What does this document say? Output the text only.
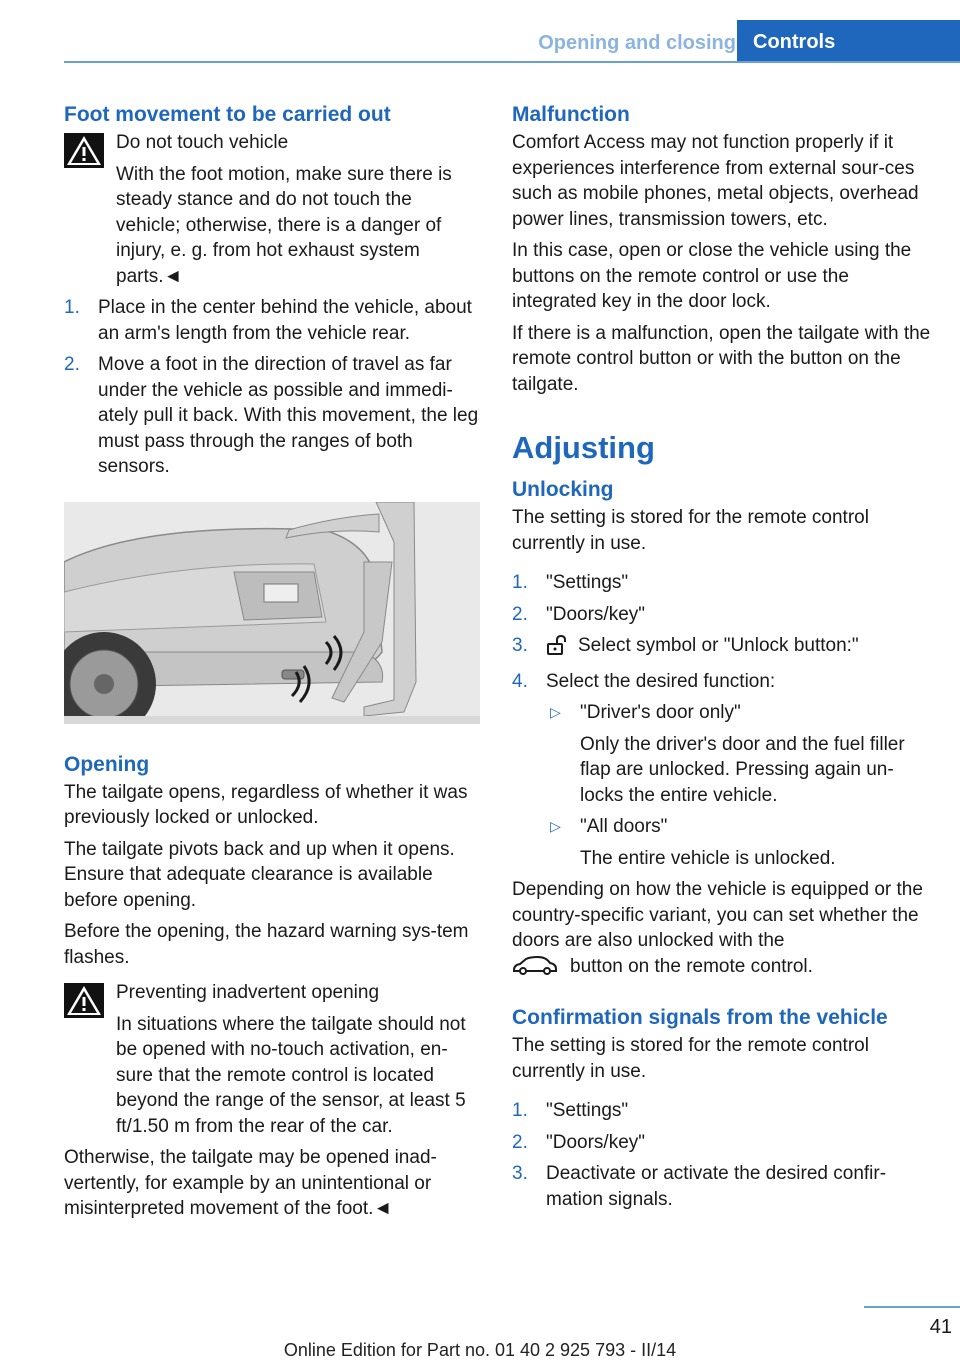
Opening and closing Controls
Foot movement to be carried out
Do not touch vehicle
With the foot motion, make sure there is steady stance and do not touch the vehicle; otherwise, there is a danger of injury, e. g. from hot exhaust system parts.◄
1. Place in the center behind the vehicle, about an arm's length from the vehicle rear.
2. Move a foot in the direction of travel as far under the vehicle as possible and immedi‐ately pull it back. With this movement, the leg must pass through the ranges of both sensors.
Opening

The tailgate opens, regardless of whether it was previously locked or unlocked.

The tailgate pivots back and up when it opens. Ensure that adequate clearance is available before opening.

Before the opening, the hazard warning sys‐tem flashes.

Preventing inadvertent opening
In situations where the tailgate should not be opened with no-touch activation, en‐sure that the remote control is located beyond the range of the sensor, at least 5 ft/1.50 m from the rear of the car.

Otherwise, the tailgate may be opened inad‐vertently, for example by an unintentional or misinterpreted movement of the foot.◄

Malfunction

Comfort Access may not function properly if it experiences interference from external sour‐ces such as mobile phones, metal objects, overhead power lines, transmission towers, etc.

In this case, open or close the vehicle using the buttons on the remote control or use the integrated key in the door lock.

If there is a malfunction, open the tailgate with the remote control button or with the button on the tailgate.

Adjusting
Unlocking

The setting is stored for the remote control currently in use.

1. "Settings"
2. "Doors/key"
3.	Select symbol or "Unlock button:"
4. Select the desired function:
▷ "Driver's door only"
Only the driver's door and the fuel filler flap are unlocked. Pressing again un‐locks the entire vehicle.
▷ "All doors"
The entire vehicle is unlocked.

Depending on how the vehicle is equipped or the country-specific variant, you can set whether the doors are also unlocked with the
button on the remote control.

Confirmation signals from the vehicle

The setting is stored for the remote control currently in use.

1. "Settings"
2. "Doors/key"
3. Deactivate or activate the desired confir‐mation signals.
41
Online Edition for Part no. 01 40 2 925 793 - II/14
